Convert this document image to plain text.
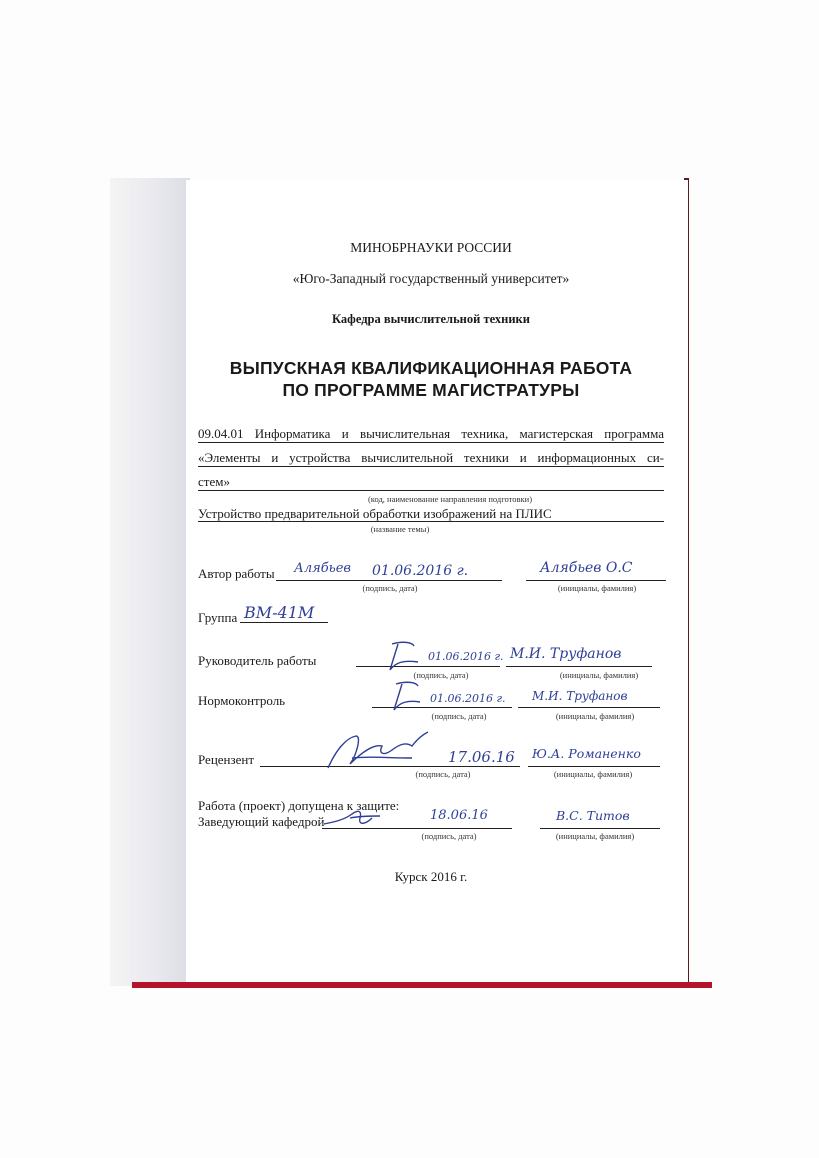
МИНОБРНАУКИ РОССИИ
«Юго-Западный государственный университет»
Кафедра вычислительной техники
ВЫПУСКНАЯ КВАЛИФИКАЦИОННАЯ РАБОТА
ПО ПРОГРАММЕ МАГИСТРАТУРЫ
09.04.01 Информатика и вычислительная техника, магистерская программа
«Элементы и устройства вычислительной техники и информационных си-
стем»
(код, наименование направления подготовки)
Устройство предварительной обработки изображений на ПЛИС
(название темы)
Автор работы Алябьев 01.06.2016 г.
(подпись, дата)
Алябьев О.С
(инициалы, фамилия)
Группа ВМ-41М
Руководитель работы	01.06.2016 г.
(подпись, дата)
М.И. Труфанов
(инициалы, фамилия)
Нормоконтроль	01.06.2016 г.
(подпись, дата)
М.И. Труфанов
(инициалы, фамилия)
Рецензент	17.06.16
(подпись, дата)
Ю.А. Романенко
(инициалы, фамилия)
Работа (проект) допущена к защите:
Заведующий кафедрой	18.06.16
(подпись, дата)
В.С. Титов
(инициалы, фамилия)
Курск 2016 г.
